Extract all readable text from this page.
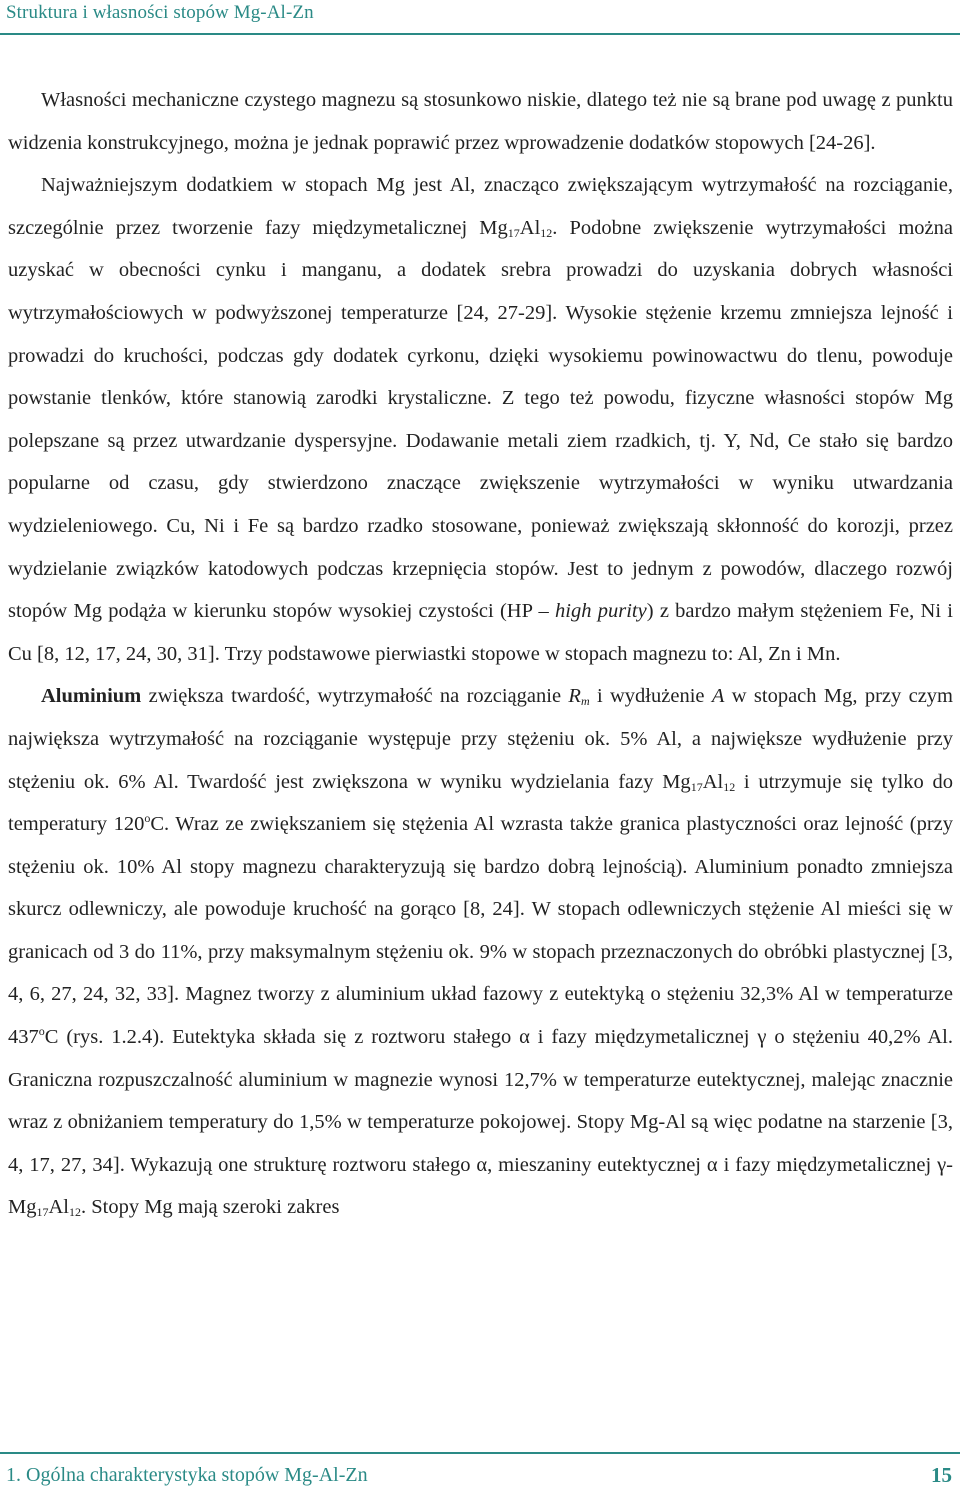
Struktura i własności stopów Mg-Al-Zn

Własności mechaniczne czystego magnezu są stosunkowo niskie, dlatego też nie są brane pod uwagę z punktu widzenia konstrukcyjnego, można je jednak poprawić przez wprowadzenie dodatków stopowych [24-26].

Najważniejszym dodatkiem w stopach Mg jest Al, znacząco zwiększającym wytrzymałość na rozciąganie, szczególnie przez tworzenie fazy międzymetalicznej $Mg_{17}Al_{12}$. Podobne zwiększenie wytrzymałości można uzyskać w obecności cynku i manganu, a dodatek srebra prowadzi do uzyskania dobrych własności wytrzymałościowych w podwyższonej temperaturze [24, 27-29]. Wysokie stężenie krzemu zmniejsza lejność i prowadzi do kruchości, podczas gdy dodatek cyrkonu, dzięki wysokiemu powinowactwu do tlenu, powoduje powstanie tlenków, które stanowią zarodki krystaliczne. Z tego też powodu, fizyczne własności stopów Mg polepszane są przez utwardzanie dyspersyjne. Dodawanie metali ziem rzadkich, tj. Y, Nd, Ce stało się bardzo popularne od czasu, gdy stwierdzono znaczące zwiększenie wytrzymałości w wyniku utwardzania wydzieleniowego. Cu, Ni i Fe są bardzo rzadko stosowane, ponieważ zwiększają skłonność do korozji, przez wydzielanie związków katodowych podczas krzepnięcia stopów. Jest to jednym z powodów, dlaczego rozwój stopów Mg podąża w kierunku stopów wysokiej czystości (HP – high purity) z bardzo małym stężeniem Fe, Ni i Cu [8, 12, 17, 24, 30, 31]. Trzy podstawowe pierwiastki stopowe w stopach magnezu to: Al, Zn i Mn.

Aluminium zwiększa twardość, wytrzymałość na rozciąganie $R_m$ i wydłużenie A w stopach Mg, przy czym największa wytrzymałość na rozciąganie występuje przy stężeniu ok. 5% Al, a największe wydłużenie przy stężeniu ok. 6% Al. Twardość jest zwiększona w wyniku wydzielania fazy $Mg_{17}Al_{12}$ i utrzymuje się tylko do temperatury 120$^o$C. Wraz ze zwiększaniem się stężenia Al wzrasta także granica plastyczności oraz lejność (przy stężeniu ok. 10% Al stopy magnezu charakteryzują się bardzo dobrą lejnością). Aluminium ponadto zmniejsza skurcz odlewniczy, ale powoduje kruchość na gorąco [8, 24]. W stopach odlewniczych stężenie Al mieści się w granicach od 3 do 11%, przy maksymalnym stężeniu ok. 9% w stopach przeznaczonych do obróbki plastycznej [3, 4, 6, 27, 24, 32, 33]. Magnez tworzy z aluminium układ fazowy z eutektyką o stężeniu 32,3% Al w temperaturze 437$^o$C (rys. 1.2.4). Eutektyka składa się z roztworu stałego α i fazy międzymetalicznej γ o stężeniu 40,2% Al. Graniczna rozpuszczalność aluminium w magnezie wynosi 12,7% w temperaturze eutektycznej, malejąc znacznie wraz z obniżaniem temperatury do 1,5% w temperaturze pokojowej. Stopy Mg-Al są więc podatne na starzenie [3, 4, 17, 27, 34]. Wykazują one strukturę roztworu stałego α, mieszaniny eutektycznej α i fazy międzymetalicznej $\gamma-Mg_{17}Al_{12}$. Stopy Mg mają szeroki zakres

1. Ogólna charakterystyka stopów Mg-Al-Zn	15
